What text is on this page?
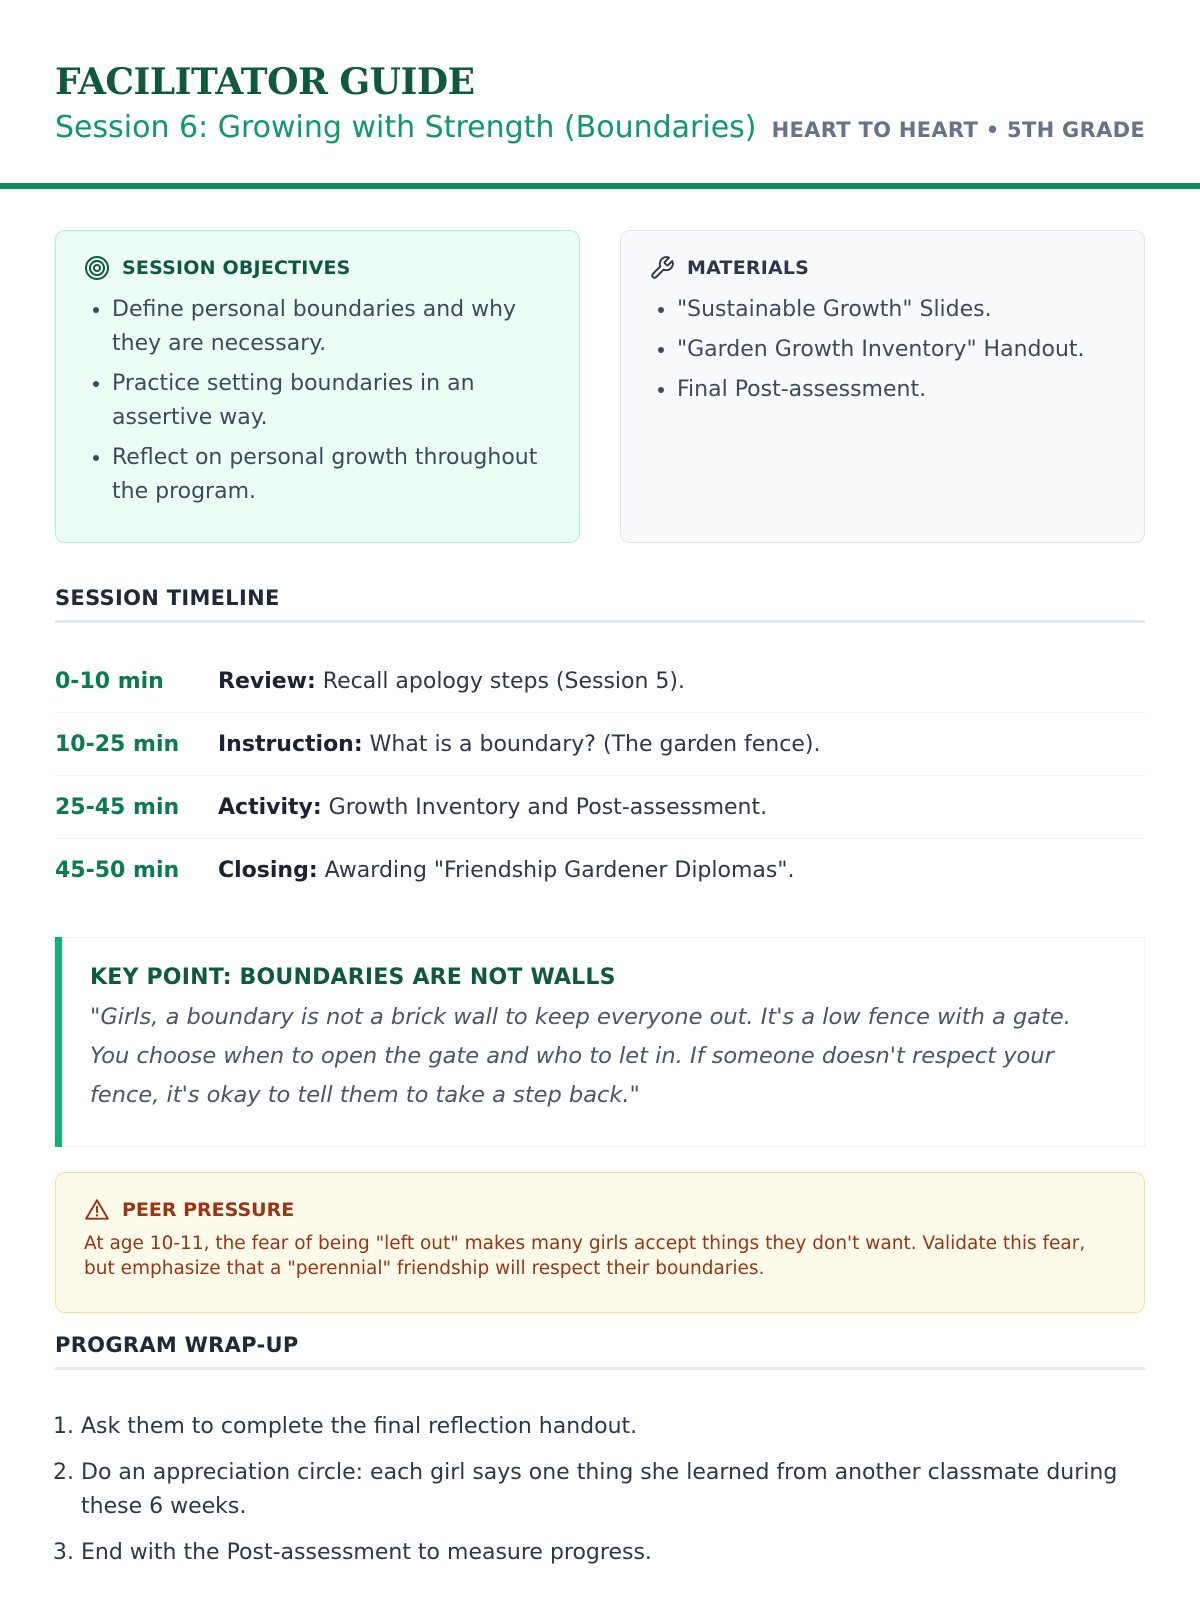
FACILITATOR GUIDE
Session 6: Growing with Strength (Boundaries) HEART TO HEART • 5TH GRADE
SESSION OBJECTIVES
• Define personal boundaries and why they are necessary.
• Practice setting boundaries in an assertive way.
• Reflect on personal growth throughout the program.
MATERIALS
• "Sustainable Growth" Slides.
• "Garden Growth Inventory" Handout.
• Final Post-assessment.
SESSION TIMELINE
0-10 min	Review: Recall apology steps (Session 5).
10-25 min	Instruction: What is a boundary? (The garden fence).
25-45 min	Activity: Growth Inventory and Post-assessment.
45-50 min	Closing: Awarding "Friendship Gardener Diplomas".
KEY POINT: BOUNDARIES ARE NOT WALLS
"Girls, a boundary is not a brick wall to keep everyone out. It's a low fence with a gate. You choose when to open the gate and who to let in. If someone doesn't respect your fence, it's okay to tell them to take a step back."
PEER PRESSURE
At age 10-11, the fear of being "left out" makes many girls accept things they don't want. Validate this fear, but emphasize that a "perennial" friendship will respect their boundaries.
PROGRAM WRAP-UP
1. Ask them to complete the final reflection handout.
2. Do an appreciation circle: each girl says one thing she learned from another classmate during these 6 weeks.
3. End with the Post-assessment to measure progress.
